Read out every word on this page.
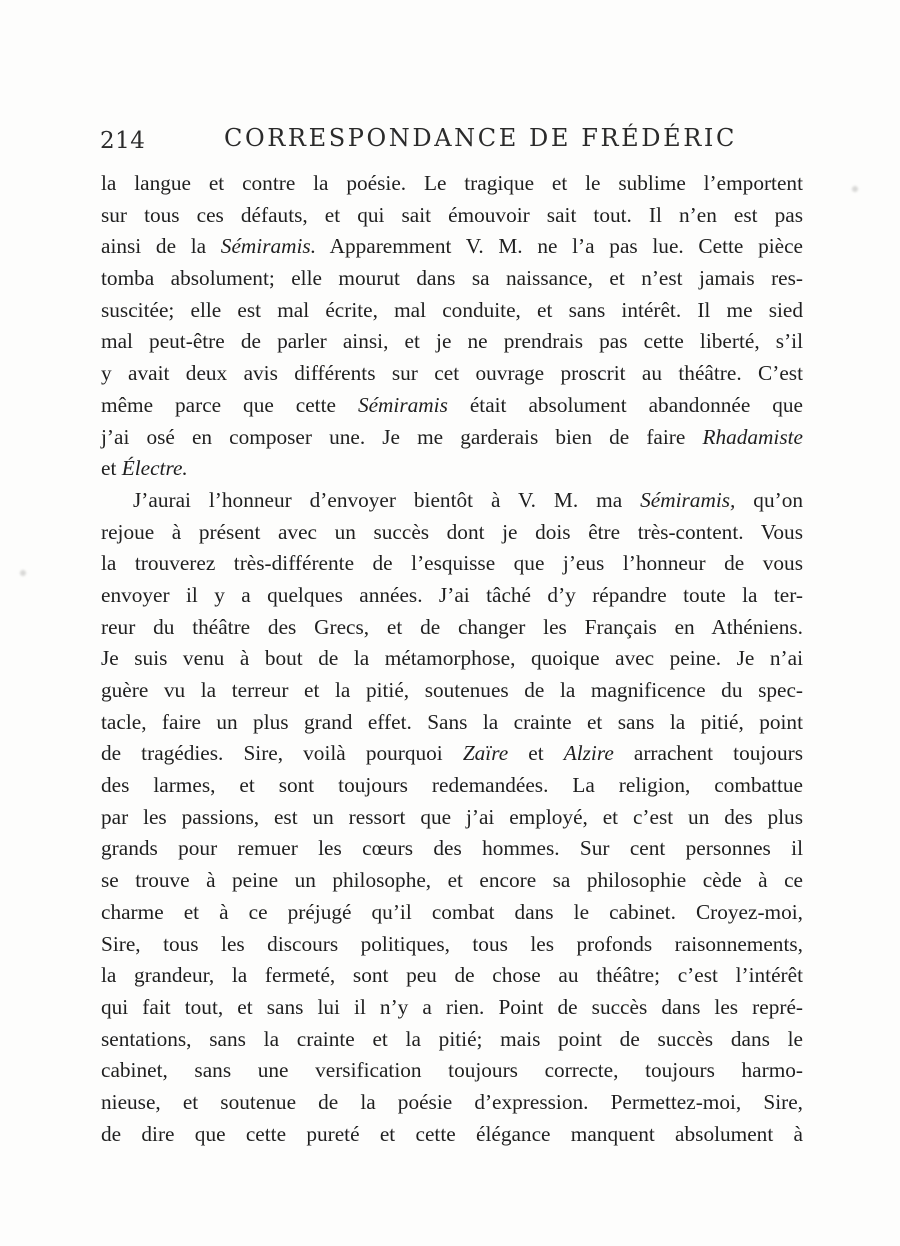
214	CORRESPONDANCE DE FRÉDÉRIC
la langue et contre la poésie. Le tragique et le sublime l’emportent
sur tous ces défauts, et qui sait émouvoir sait tout. Il n’en est pas
ainsi de la Sémiramis. Apparemment V. M. ne l’a pas lue. Cette pièce
tomba absolument; elle mourut dans sa naissance, et n’est jamais res-
suscitée; elle est mal écrite, mal conduite, et sans intérêt. Il me sied
mal peut-être de parler ainsi, et je ne prendrais pas cette liberté, s’il
y avait deux avis différents sur cet ouvrage proscrit au théâtre. C’est
même parce que cette Sémiramis était absolument abandonnée que
j’ai osé en composer une. Je me garderais bien de faire Rhadamiste
et Électre.
J’aurai l’honneur d’envoyer bientôt à V. M. ma Sémiramis, qu’on
rejoue à présent avec un succès dont je dois être très-content. Vous
la trouverez très-différente de l’esquisse que j’eus l’honneur de vous
envoyer il y a quelques années. J’ai tâché d’y répandre toute la ter-
reur du théâtre des Grecs, et de changer les Français en Athéniens.
Je suis venu à bout de la métamorphose, quoique avec peine. Je n’ai
guère vu la terreur et la pitié, soutenues de la magnificence du spec-
tacle, faire un plus grand effet. Sans la crainte et sans la pitié, point
de tragédies. Sire, voilà pourquoi Zaïre et Alzire arrachent toujours
des larmes, et sont toujours redemandées. La religion, combattue
par les passions, est un ressort que j’ai employé, et c’est un des plus
grands pour remuer les cœurs des hommes. Sur cent personnes il
se trouve à peine un philosophe, et encore sa philosophie cède à ce
charme et à ce préjugé qu’il combat dans le cabinet. Croyez-moi,
Sire, tous les discours politiques, tous les profonds raisonnements,
la grandeur, la fermeté, sont peu de chose au théâtre; c’est l’intérêt
qui fait tout, et sans lui il n’y a rien. Point de succès dans les repré-
sentations, sans la crainte et la pitié; mais point de succès dans le
cabinet, sans une versification toujours correcte, toujours harmo-
nieuse, et soutenue de la poésie d’expression. Permettez-moi, Sire,
de dire que cette pureté et cette élégance manquent absolument à
